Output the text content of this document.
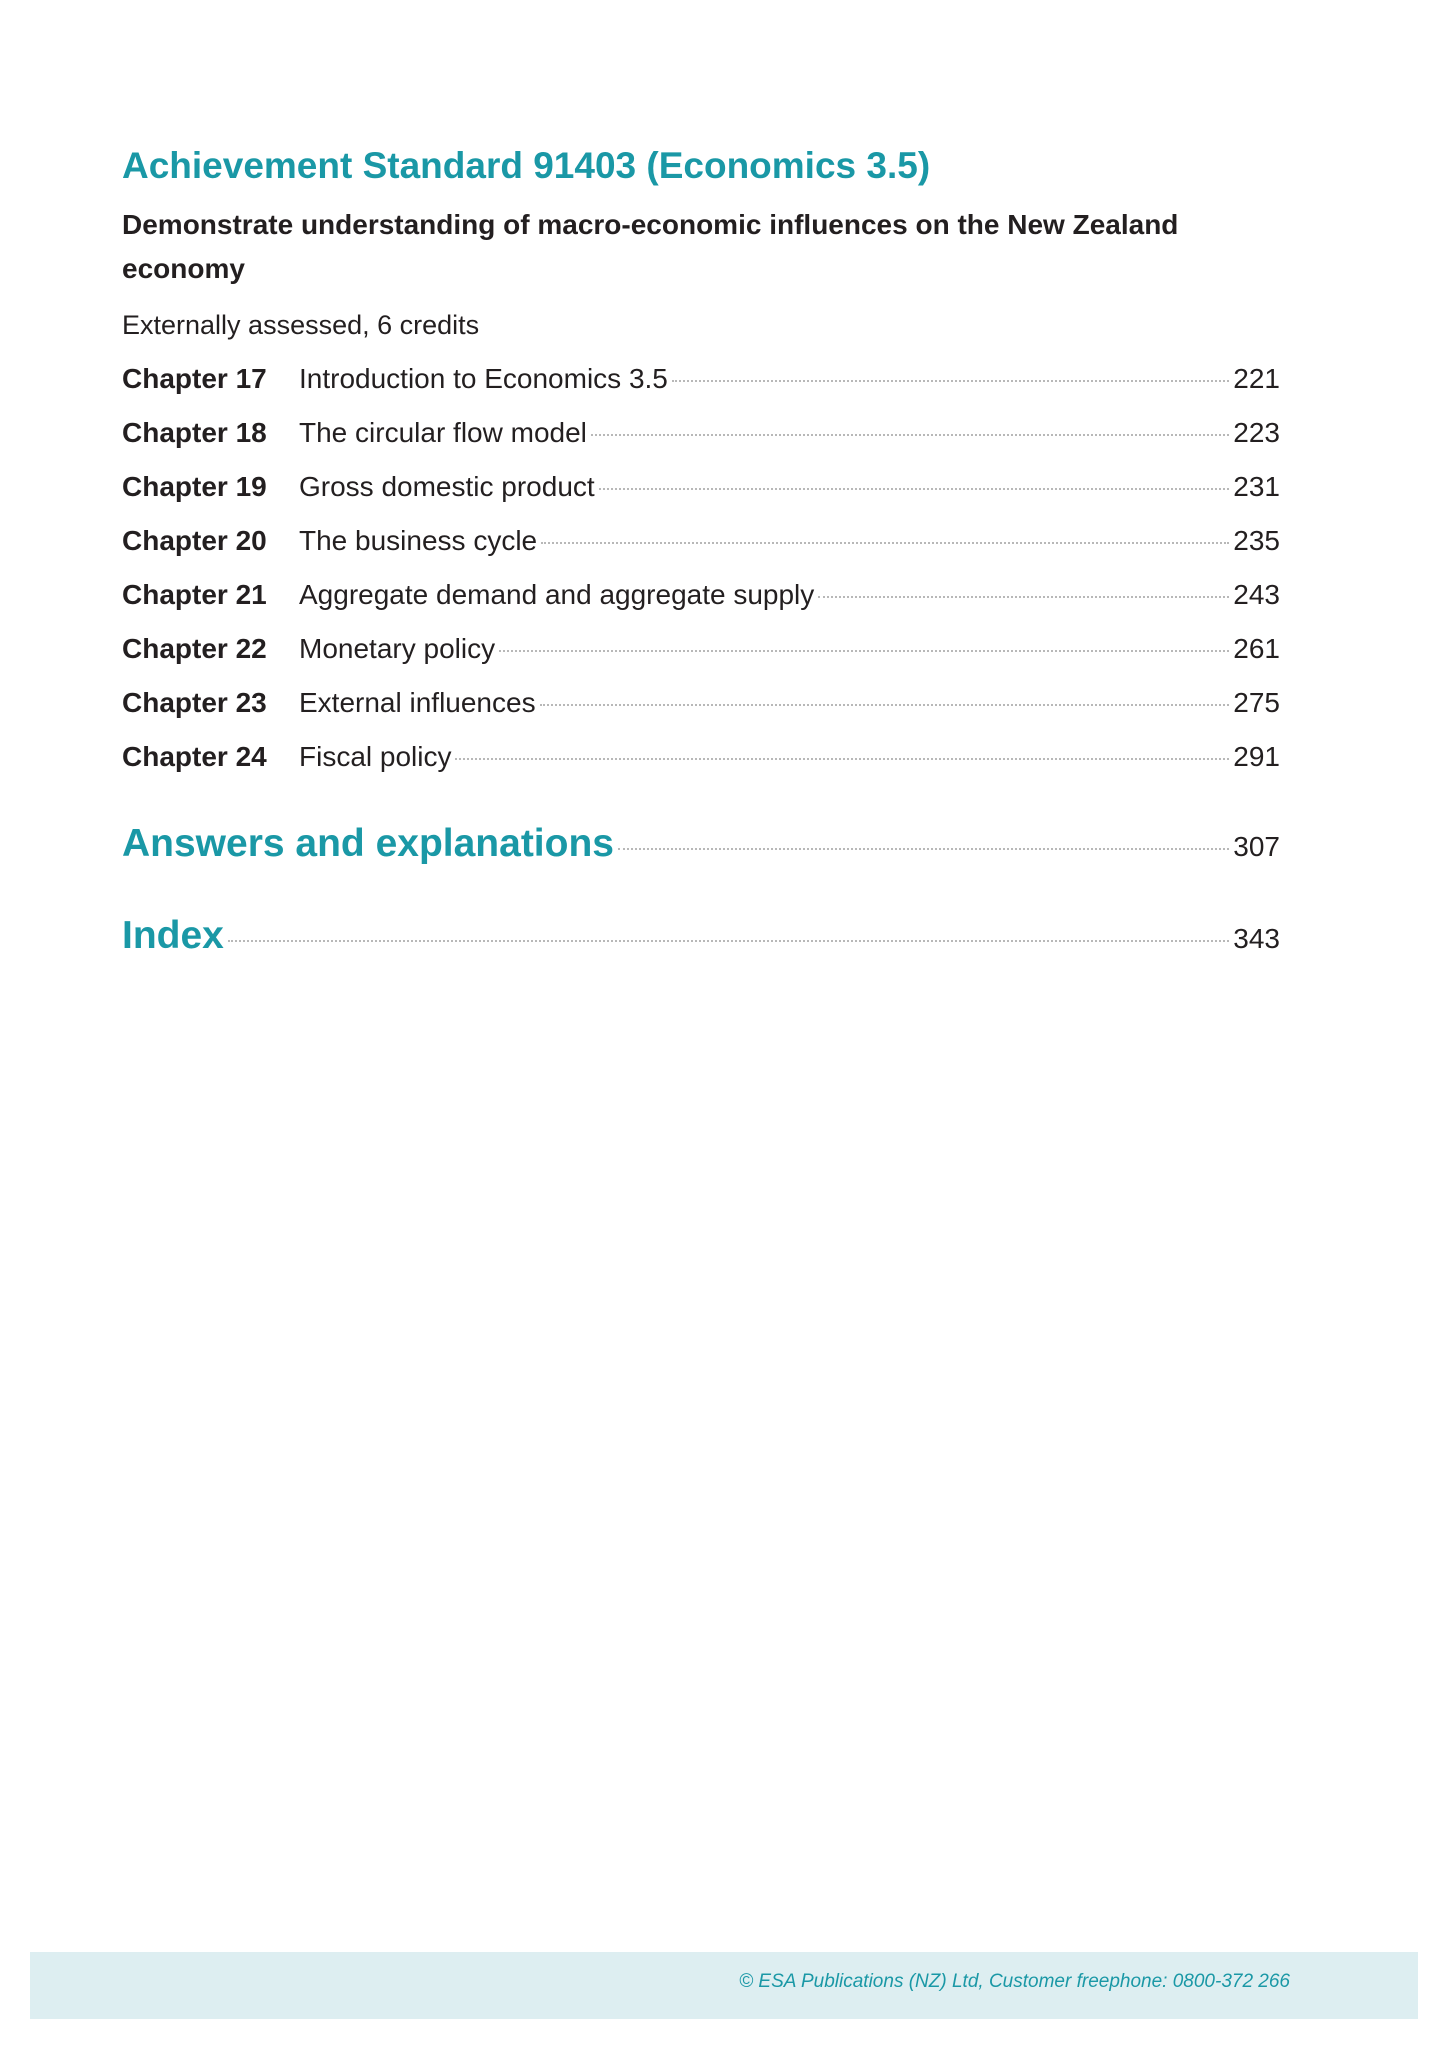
Achievement Standard 91403 (Economics 3.5)
Demonstrate understanding of macro-economic influences on the New Zealand economy
Externally assessed, 6 credits
Chapter 17	Introduction to Economics 3.5	221
Chapter 18	The circular flow model	223
Chapter 19	Gross domestic product	231
Chapter 20	The business cycle	235
Chapter 21	Aggregate demand and aggregate supply	243
Chapter 22	Monetary policy	261
Chapter 23	External influences	275
Chapter 24	Fiscal policy	291
Answers and explanations	307
Index	343
© ESA Publications (NZ) Ltd, Customer freephone: 0800-372 266
